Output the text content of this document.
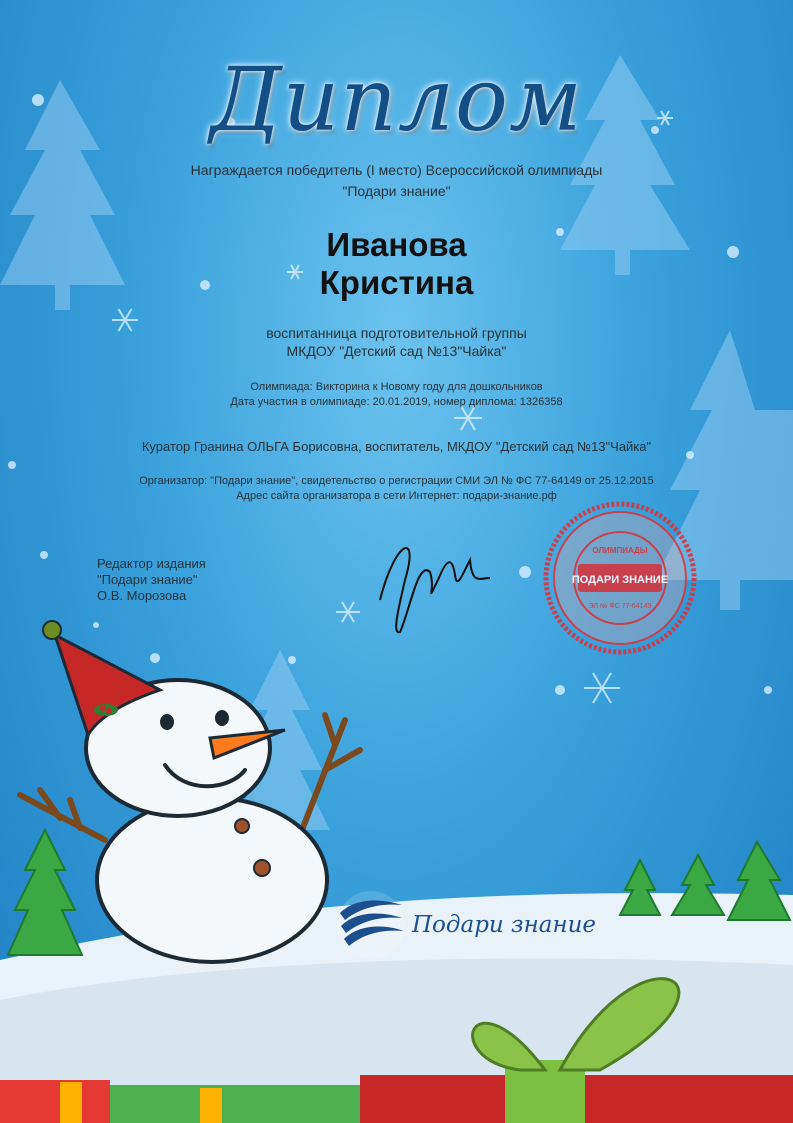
ОЛИМПИАДЫ
ПОДАРИ ЗНАНИЕ
ЭЛ № ФС 77-64149
Диплом
Награждается победитель (I место) Всероссийской олимпиады
"Подари знание"
Иванова
Кристина
воспитанница подготовительной группы
МКДОУ "Детский сад №13"Чайка"
Олимпиада: Викторина к Новому году для дошкольников
Дата участия в олимпиаде: 20.01.2019, номер диплома: 1326358
Куратор Гранина ОЛЬГА Борисовна, воспитатель, МКДОУ "Детский сад №13"Чайка"
Организатор: "Подари знание", свидетельство о регистрации СМИ ЭЛ № ФС 77-64149 от 25.12.2015
Адрес сайта организатора в сети Интернет: подари-знание.рф
Редактор издания
"Подари знание"
О.В. Морозова
Подари знание
